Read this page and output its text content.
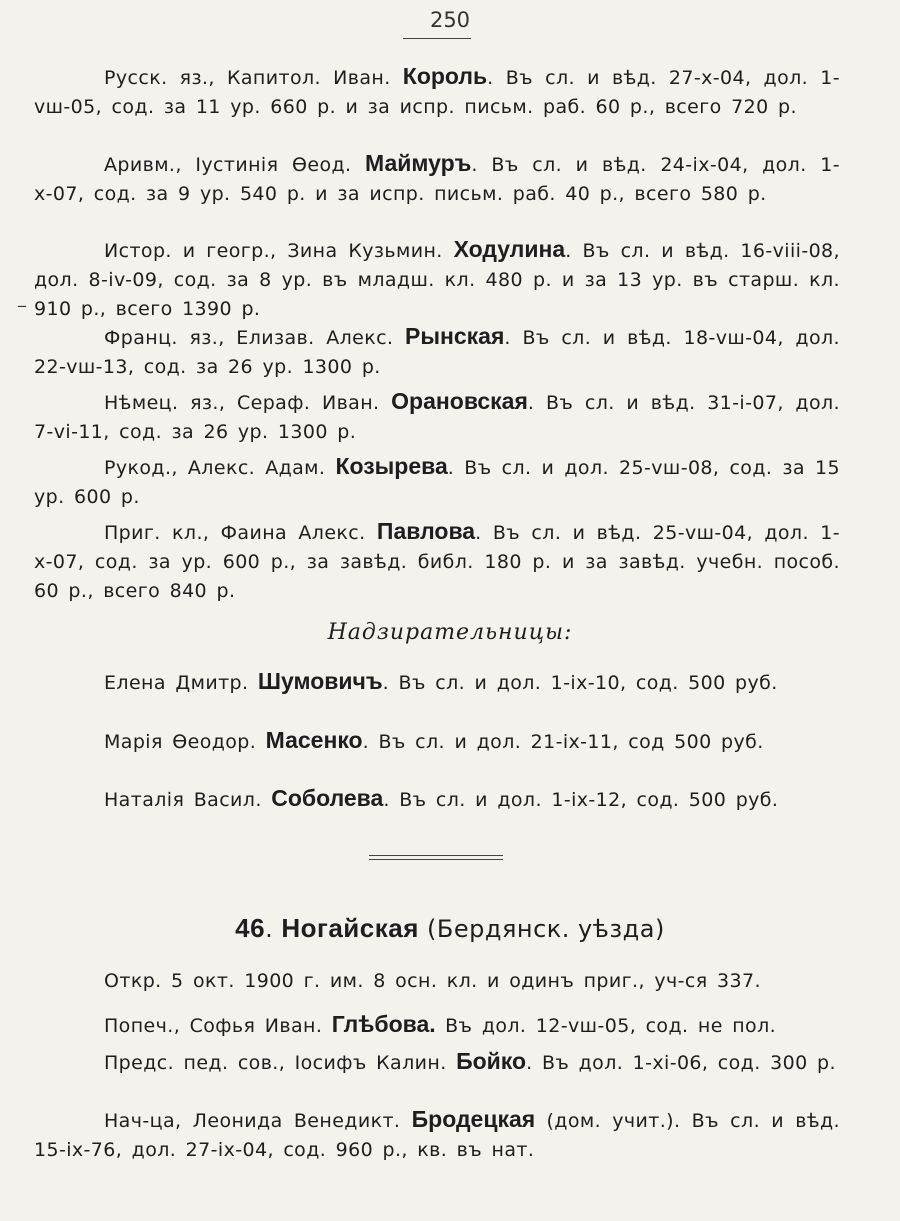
250
_

Русск. яз., Капитол. Иван. Король. Въ сл. и вѣд. 27-х-04, дол. 1-vш-05, сод. за 11 ур. 660 р. и за испр. письм. раб. 60 р., всего 720 р.

Аривм., Іустинія Өеод. Маймуръ. Въ сл. и вѣд. 24-ix-04, дол. 1-х-07, сод. за 9 ур. 540 р. и за испр. письм. раб. 40 р., всего 580 р.

Истор. и геогр., Зина Кузьмин. Ходулина. Въ сл. и вѣд. 16-vііі-08, дол. 8-іv-09, сод. за 8 ур. въ младш. кл. 480 р. и за 13 ур. въ старш. кл. 910 р., всего 1390 р.

Франц. яз., Елизав. Алекс. Рынская. Въ сл. и вѣд. 18-vш-04, дол. 22-vш-13, сод. за 26 ур. 1300 р.

Нѣмец. яз., Сераф. Иван. Орановская. Въ сл. и вѣд. 31-і-07, дол. 7-vі-11, сод. за 26 ур. 1300 р.

Рукод., Алекс. Адам. Козырева. Въ сл. и дол. 25-vш-08, сод. за 15 ур. 600 р.

Приг. кл., Фаина Алекс. Павлова. Въ сл. и вѣд. 25-vш-04, дол. 1-х-07, сод. за ур. 600 р., за завѣд. библ. 180 р. и за завѣд. учебн. пособ. 60 р., всего 840 р.

Надзирательницы:

Елена Дмитр. Шумовичъ. Въ сл. и дол. 1-ix-10, сод. 500 руб.

Марія Өеодор. Масенко. Въ сл. и дол. 21-ix-11, сод 500 руб.

Наталія Васил. Соболева. Въ сл. и дол. 1-ix-12, сод. 500 руб.

46. Ногайская (Бердянск. уѣзда)

Откр. 5 окт. 1900 г. им. 8 осн. кл. и одинъ приг., уч-ся 337.

Попеч., Софья Иван. Глѣбова. Въ дол. 12-vш-05, сод. не пол.

Предс. пед. сов., Іосифъ Калин. Бойко. Въ дол. 1-хі-06, сод. 300 р.

Нач-ца, Леонида Венедикт. Бродецкая (дом. учит.). Въ сл. и вѣд. 15-ix-76, дол. 27-ix-04, сод. 960 р., кв. въ нат.
